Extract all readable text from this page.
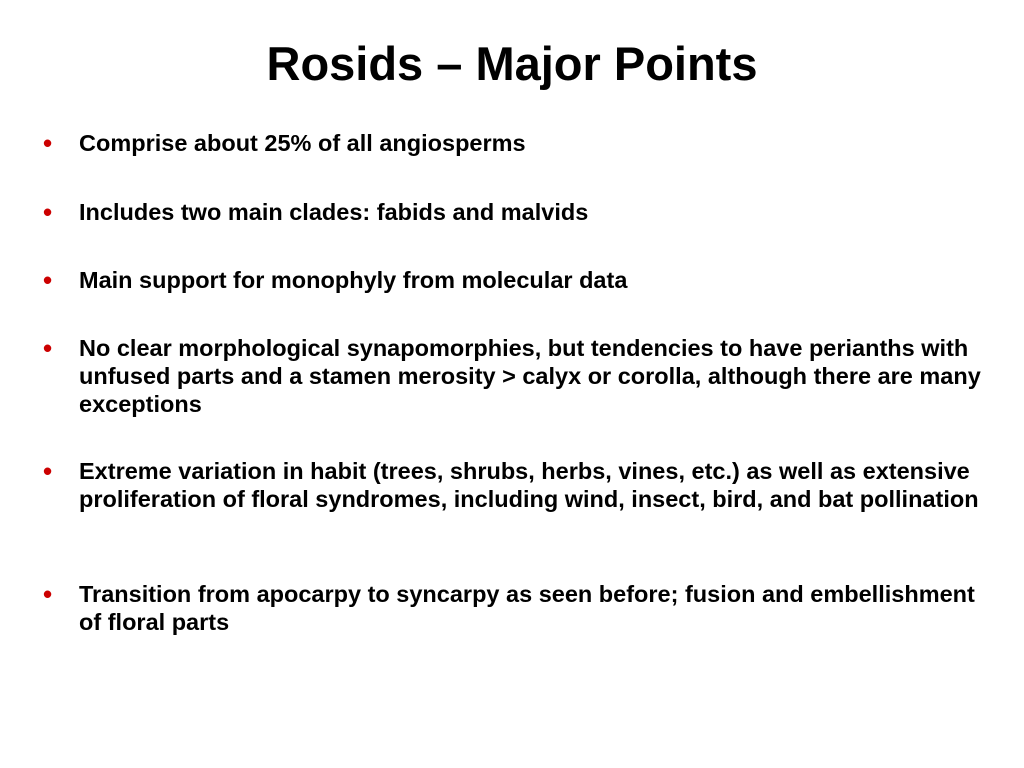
Rosids – Major Points
• Comprise about 25% of all angiosperms
• Includes two main clades: fabids and malvids
• Main support for monophyly from molecular data
• No clear morphological synapomorphies, but tendencies to have perianths with unfused parts and a stamen merosity > calyx or corolla, although there are many exceptions
• Extreme variation in habit (trees, shrubs, herbs, vines, etc.) as well as extensive proliferation of floral syndromes, including wind, insect, bird, and bat pollination
• Transition from apocarpy to syncarpy as seen before; fusion and embellishment of floral parts
